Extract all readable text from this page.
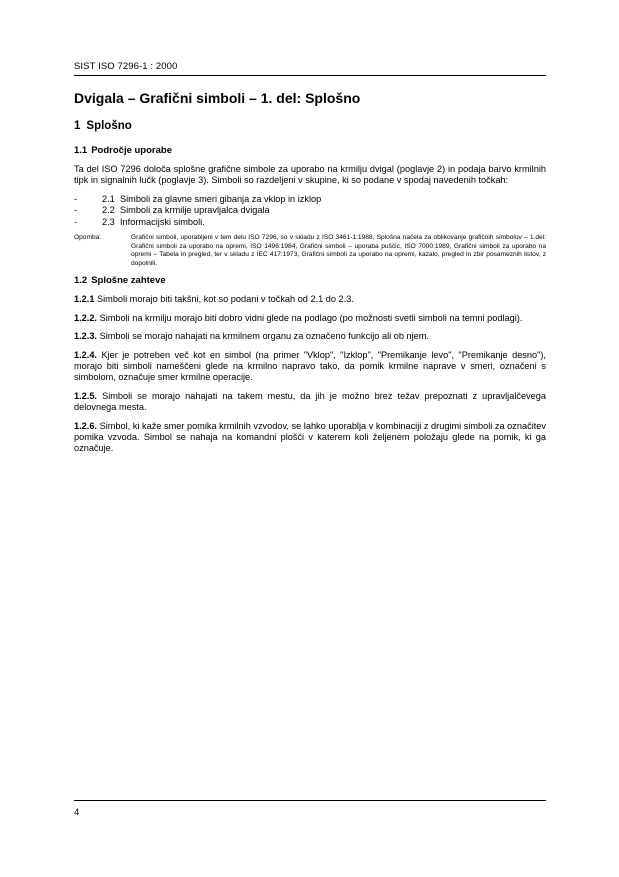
SIST ISO 7296-1 : 2000
Dvigala – Grafični simboli – 1. del: Splošno
1 Splošno
1.1 Področje uporabe

Ta del ISO 7296 določa splošne grafične simbole za uporabo na krmilju dvigal (poglavje 2) in podaja barvo krmilnih tipk in signalnih lučk (poglavje 3). Simboli so razdeljeni v skupine, ki so podane v spodaj navedenih točkah:

-	2.1 Simboli za glavne smeri gibanja za vklop in izklop
-	2.2 Simboli za krmilje upravljalca dvigala
-	2.3 Informacijski simboli.
Opomba:	Grafični simboli, uporabljeni v tem delu ISO 7296, so v skladu z ISO 3461-1:1988, Splošna načela za oblikovanje grafičnih simbolov – 1.del: Grafični simboli za uporabo na opremi, ISO 1496:1984, Grafični simboli – uporaba puščic, ISO 7000:1989, Grafični simboli za uporabo na opremi – Tabela in pregled, ter v skladu z IEC 417:1973, Grafični simboli za uporabo na opremi, kazalo, pregled in zbir posameznih listov, z dopolnili.
1.2 Splošne zahteve

1.2.1 Simboli morajo biti takšni, kot so podani v točkah od 2.1 do 2.3.

1.2.2. Simboli na krmilju morajo biti dobro vidni glede na podlago (po možnosti svetli simboli na temni podlagi).

1.2.3. Simboli se morajo nahajati na krmilnem organu za označeno funkcijo ali ob njem.

1.2.4. Kjer je potreben več kot en simbol (na primer "Vklop", "Izklop", "Premikanje levo", "Premikanje desno"), morajo biti simboli nameščeni glede na krmilno napravo tako, da pomik krmilne naprave v smeri, označeni s simbolom, označuje smer krmilne operacije.

1.2.5. Simboli se morajo nahajati na takem mestu, da jih je možno brez težav prepoznati z upravljalčevega delovnega mesta.

1.2.6. Simbol, ki kaže smer pomika krmilnih vzvodov, se lahko uporablja v kombinaciji z drugimi simboli za označitev pomika vzvoda. Simbol se nahaja na komandni plošči v katerem koli željenem položaju glede na pomik, ki ga označuje.

4
